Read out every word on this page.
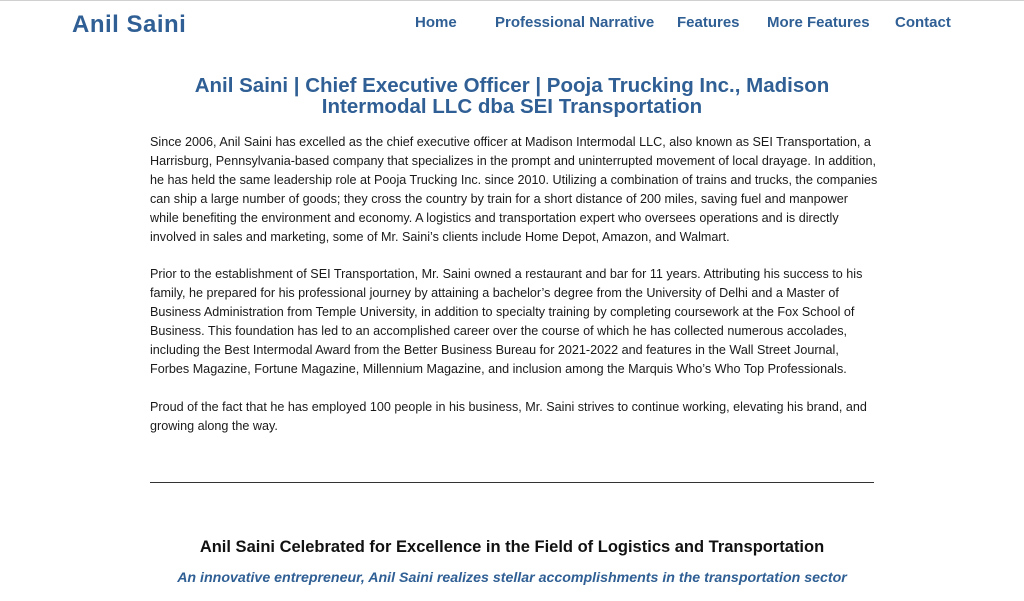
Anil Saini	Home	Professional Narrative Features More Features Contact
Anil Saini | Chief Executive Officer | Pooja Trucking Inc., Madison Intermodal LLC dba SEI Transportation

Since 2006, Anil Saini has excelled as the chief executive officer at Madison Intermodal LLC, also known as SEI Transportation, a Harrisburg, Pennsylvania-based company that specializes in the prompt and uninterrupted movement of local drayage. In addition, he has held the same leadership role at Pooja Trucking Inc. since 2010. Utilizing a combination of trains and trucks, the companies can ship a large number of goods; they cross the country by train for a short distance of 200 miles, saving fuel and manpower while benefiting the environment and economy. A logistics and transportation expert who oversees operations and is directly involved in sales and marketing, some of Mr. Saini’s clients include Home Depot, Amazon, and Walmart.

Prior to the establishment of SEI Transportation, Mr. Saini owned a restaurant and bar for 11 years. Attributing his success to his family, he prepared for his professional journey by attaining a bachelor’s degree from the University of Delhi and a Master of Business Administration from Temple University, in addition to specialty training by completing coursework at the Fox School of Business. This foundation has led to an accomplished career over the course of which he has collected numerous accolades, including the Best Intermodal Award from the Better Business Bureau for 2021-2022 and features in the Wall Street Journal, Forbes Magazine, Fortune Magazine, Millennium Magazine, and inclusion among the Marquis Who’s Who Top Professionals.

Proud of the fact that he has employed 100 people in his business, Mr. Saini strives to continue working, elevating his brand, and growing along the way.

Anil Saini Celebrated for Excellence in the Field of Logistics and Transportation

An innovative entrepreneur, Anil Saini realizes stellar accomplishments in the transportation sector
